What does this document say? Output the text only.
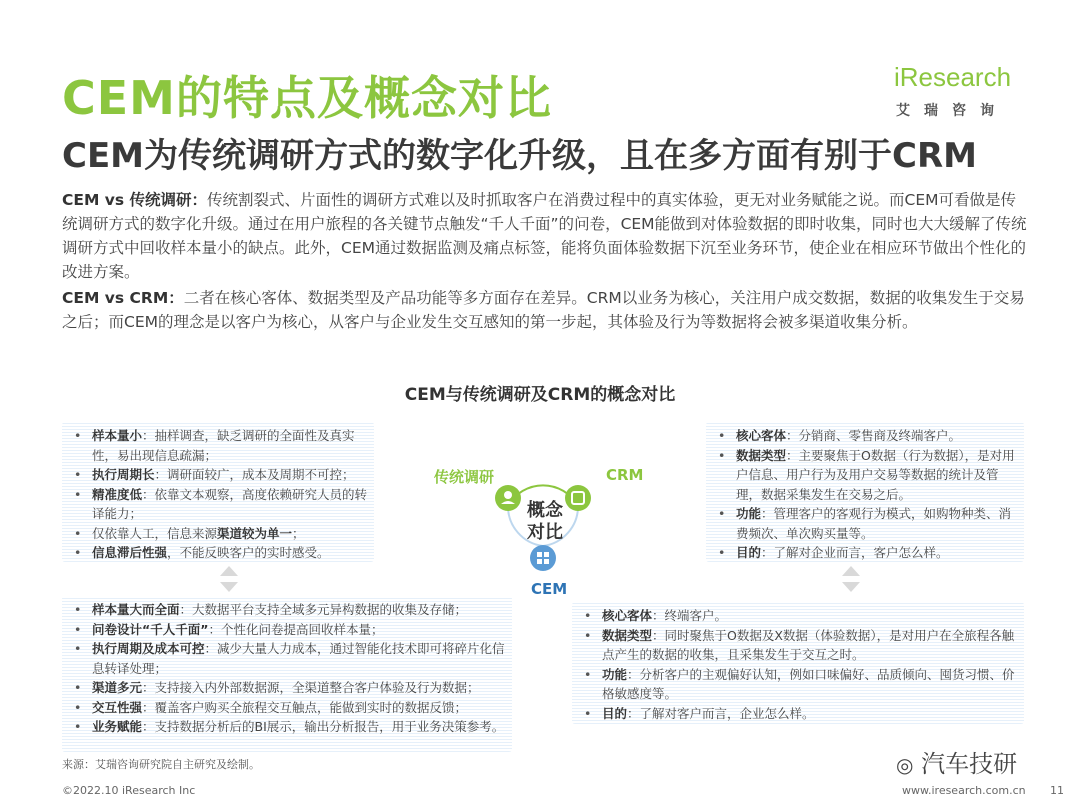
CEM的特点及概念对比
CEM为传统调研方式的数字化升级，且在多方面有别于CRM
iResearch
艾瑞咨询

CEM vs 传统调研：传统割裂式、片面性的调研方式难以及时抓取客户在消费过程中的真实体验，更无对业务赋能之说。而CEM可看做是传统调研方式的数字化升级。通过在用户旅程的各关键节点触发“千人千面”的问卷，CEM能做到对体验数据的即时收集，同时也大大缓解了传统调研方式中回收样本量小的缺点。此外，CEM通过数据监测及痛点标签，能将负面体验数据下沉至业务环节，使企业在相应环节做出个性化的改进方案。

CEM vs CRM：二者在核心客体、数据类型及产品功能等多方面存在差异。CRM以业务为核心，关注用户成交数据，数据的收集发生于交易之后；而CEM的理念是以客户为核心，从客户与企业发生交互感知的第一步起，其体验及行为等数据将会被多渠道收集分析。

CEM与传统调研及CRM的概念对比
• 样本量小：抽样调查，缺乏调研的全面性及真实性，易出现信息疏漏；
• 执行周期长：调研面较广，成本及周期不可控；
• 精准度低：依靠文本观察，高度依赖研究人员的转译能力；
• 仅依靠人工，信息来源渠道较为单一；
• 信息滞后性强，不能反映客户的实时感受。
• 核心客体：分销商、零售商及终端客户。
• 数据类型：主要聚焦于O数据（行为数据），是对用户信息、用户行为及用户交易等数据的统计及管理，数据采集发生在交易之后。
• 功能：管理客户的客观行为模式，如购物种类、消费频次、单次购买量等。
• 目的：了解对企业而言，客户怎么样。
传统调研	CRM
CEM
概念
对比
• 样本量大而全面：大数据平台支持全域多元异构数据的收集及存储；
• 问卷设计“千人千面”：个性化问卷提高回收样本量；
• 执行周期及成本可控：减少大量人力成本，通过智能化技术即可将碎片化信息转译处理；
• 渠道多元：支持接入内外部数据源，全渠道整合客户体验及行为数据；
• 交互性强：覆盖客户购买全旅程交互触点，能做到实时的数据反馈；
• 业务赋能：支持数据分析后的BI展示，输出分析报告，用于业务决策参考。
• 核心客体：终端客户。
• 数据类型：同时聚焦于O数据及X数据（体验数据），是对用户在全旅程各触点产生的数据的收集，且采集发生于交互之时。
• 功能：分析客户的主观偏好认知，例如口味偏好、品质倾向、囤货习惯、价格敏感度等。
• 目的：了解对客户而言，企业怎么样。
来源：艾瑞咨询研究院自主研究及绘制。	◎ 汽车技研
©2022.10 iResearch Inc	www.iresearch.com.cn 11
